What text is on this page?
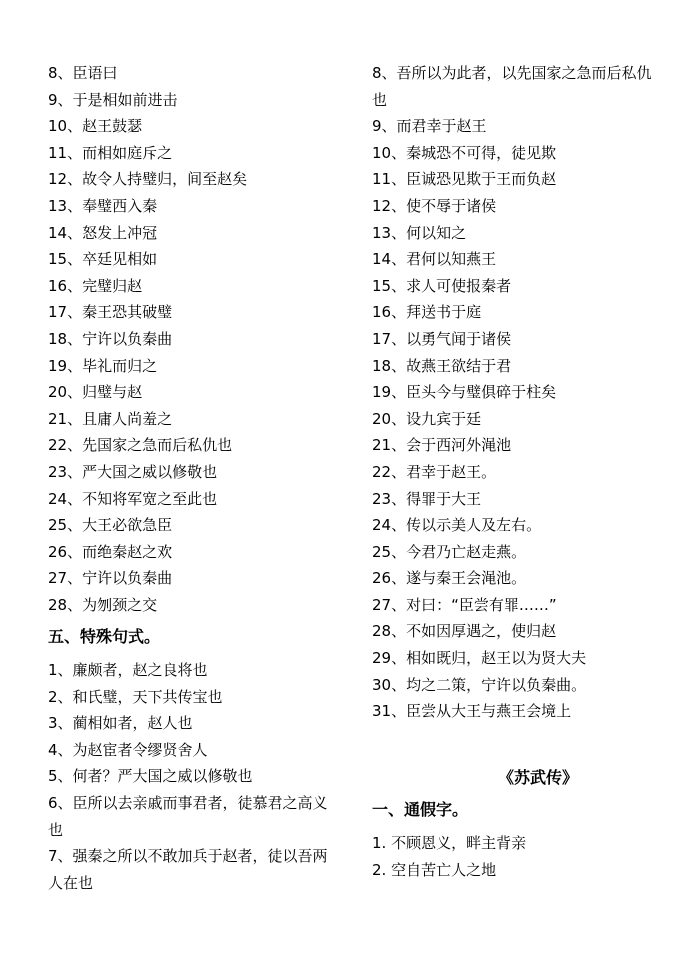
8、臣语曰
9、于是相如前进击
10、赵王鼓瑟
11、而相如庭斥之
12、故令人持璧归，间至赵矣
13、奉璧西入秦
14、怒发上冲冠
15、卒廷见相如
16、完璧归赵
17、秦王恐其破璧
18、宁许以负秦曲
19、毕礼而归之
20、归璧与赵
21、且庸人尚羞之
22、先国家之急而后私仇也
23、严大国之威以修敬也
24、不知将军宽之至此也
25、大王必欲急臣
26、而绝秦赵之欢
27、宁许以负秦曲
28、为刎颈之交
五、特殊句式。
1、廉颇者，赵之良将也
2、和氏璧，天下共传宝也
3、蔺相如者，赵人也
4、为赵宦者令缪贤舍人
5、何者？严大国之威以修敬也
6、臣所以去亲戚而事君者，徒慕君之高义也
7、强秦之所以不敢加兵于赵者，徒以吾两人在也
8、吾所以为此者，以先国家之急而后私仇也
9、而君幸于赵王
10、秦城恐不可得，徒见欺
11、臣诚恐见欺于王而负赵
12、使不辱于诸侯
13、何以知之
14、君何以知燕王
15、求人可使报秦者
16、拜送书于庭
17、以勇气闻于诸侯
18、故燕王欲结于君
19、臣头今与璧俱碎于柱矣
20、设九宾于廷
21、会于西河外渑池
22、君幸于赵王。
23、得罪于大王
24、传以示美人及左右。
25、今君乃亡赵走燕。
26、遂与秦王会渑池。
27、对曰：“臣尝有罪……”
28、不如因厚遇之，使归赵
29、相如既归，赵王以为贤大夫
30、均之二策，宁许以负秦曲。
31、臣尝从大王与燕王会境上
《苏武传》
一、通假字。
1. 不顾恩义，畔主背亲
2. 空自苦亡人之地
